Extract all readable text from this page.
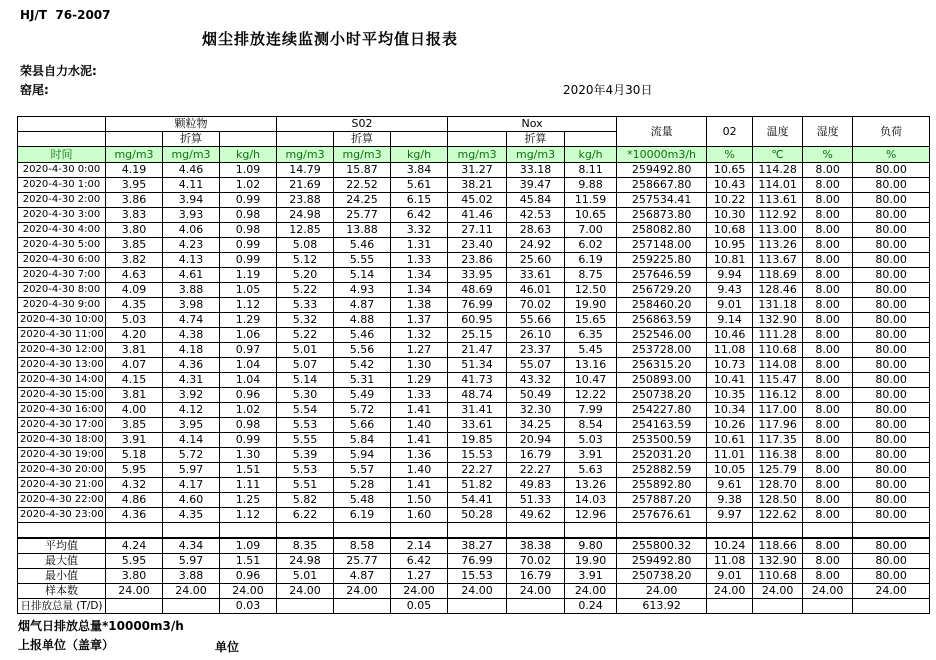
HJ/T  76-2007
烟尘排放连续监测小时平均值日报表
荣县自力水泥:
窑尾:	2020年4月30日
	颗粒物			S02			Nox			流量	02	温度	湿度	负荷
		折算			折算			折算						
时间	mg/m3	mg/m3	kg/h	mg/m3	mg/m3	kg/h	mg/m3	mg/m3	kg/h	*10000m3/h	%	℃	%	%
2020-4-30 0:00	4.19	4.46	1.09	14.79	15.87	3.84	31.27	33.18	8.11	259492.80	10.65	114.28	8.00	80.00
2020-4-30 1:00	3.95	4.11	1.02	21.69	22.52	5.61	38.21	39.47	9.88	258667.80	10.43	114.01	8.00	80.00
2020-4-30 2:00	3.86	3.94	0.99	23.88	24.25	6.15	45.02	45.84	11.59	257534.41	10.22	113.61	8.00	80.00
2020-4-30 3:00	3.83	3.93	0.98	24.98	25.77	6.42	41.46	42.53	10.65	256873.80	10.30	112.92	8.00	80.00
2020-4-30 4:00	3.80	4.06	0.98	12.85	13.88	3.32	27.11	28.63	7.00	258082.80	10.68	113.00	8.00	80.00
2020-4-30 5:00	3.85	4.23	0.99	5.08	5.46	1.31	23.40	24.92	6.02	257148.00	10.95	113.26	8.00	80.00
2020-4-30 6:00	3.82	4.13	0.99	5.12	5.55	1.33	23.86	25.60	6.19	259225.80	10.81	113.67	8.00	80.00
2020-4-30 7:00	4.63	4.61	1.19	5.20	5.14	1.34	33.95	33.61	8.75	257646.59	9.94	118.69	8.00	80.00
2020-4-30 8:00	4.09	3.88	1.05	5.22	4.93	1.34	48.69	46.01	12.50	256729.20	9.43	128.46	8.00	80.00
2020-4-30 9:00	4.35	3.98	1.12	5.33	4.87	1.38	76.99	70.02	19.90	258460.20	9.01	131.18	8.00	80.00
2020-4-30 10:00	5.03	4.74	1.29	5.32	4.88	1.37	60.95	55.66	15.65	256863.59	9.14	132.90	8.00	80.00
2020-4-30 11:00	4.20	4.38	1.06	5.22	5.46	1.32	25.15	26.10	6.35	252546.00	10.46	111.28	8.00	80.00
2020-4-30 12:00	3.81	4.18	0.97	5.01	5.56	1.27	21.47	23.37	5.45	253728.00	11.08	110.68	8.00	80.00
2020-4-30 13:00	4.07	4.36	1.04	5.07	5.42	1.30	51.34	55.07	13.16	256315.20	10.73	114.08	8.00	80.00
2020-4-30 14:00	4.15	4.31	1.04	5.14	5.31	1.29	41.73	43.32	10.47	250893.00	10.41	115.47	8.00	80.00
2020-4-30 15:00	3.81	3.92	0.96	5.30	5.49	1.33	48.74	50.49	12.22	250738.20	10.35	116.12	8.00	80.00
2020-4-30 16:00	4.00	4.12	1.02	5.54	5.72	1.41	31.41	32.30	7.99	254227.80	10.34	117.00	8.00	80.00
2020-4-30 17:00	3.85	3.95	0.98	5.53	5.66	1.40	33.61	34.25	8.54	254163.59	10.26	117.96	8.00	80.00
2020-4-30 18:00	3.91	4.14	0.99	5.55	5.84	1.41	19.85	20.94	5.03	253500.59	10.61	117.35	8.00	80.00
2020-4-30 19:00	5.18	5.72	1.30	5.39	5.94	1.36	15.53	16.79	3.91	252031.20	11.01	116.38	8.00	80.00
2020-4-30 20:00	5.95	5.97	1.51	5.53	5.57	1.40	22.27	22.27	5.63	252882.59	10.05	125.79	8.00	80.00
2020-4-30 21:00	4.32	4.17	1.11	5.51	5.28	1.41	51.82	49.83	13.26	255892.80	9.61	128.70	8.00	80.00
2020-4-30 22:00	4.86	4.60	1.25	5.82	5.48	1.50	54.41	51.33	14.03	257887.20	9.38	128.50	8.00	80.00
2020-4-30 23:00	4.36	4.35	1.12	6.22	6.19	1.60	50.28	49.62	12.96	257676.61	9.97	122.62	8.00	80.00

平均值	4.24	4.34	1.09	8.35	8.58	2.14	38.27	38.38	9.80	255800.32	10.24	118.66	8.00	80.00
最大值	5.95	5.97	1.51	24.98	25.77	6.42	76.99	70.02	19.90	259492.80	11.08	132.90	8.00	80.00
最小值	3.80	3.88	0.96	5.01	4.87	1.27	15.53	16.79	3.91	250738.20	9.01	110.68	8.00	80.00
样本数	24.00	24.00	24.00	24.00	24.00	24.00	24.00	24.00	24.00	24.00	24.00	24.00	24.00	24.00
日排放总量 (T/D)			0.03			0.05			0.24	613.92				
烟气日排放总量*10000m3/h
上报单位（盖章）	单位
